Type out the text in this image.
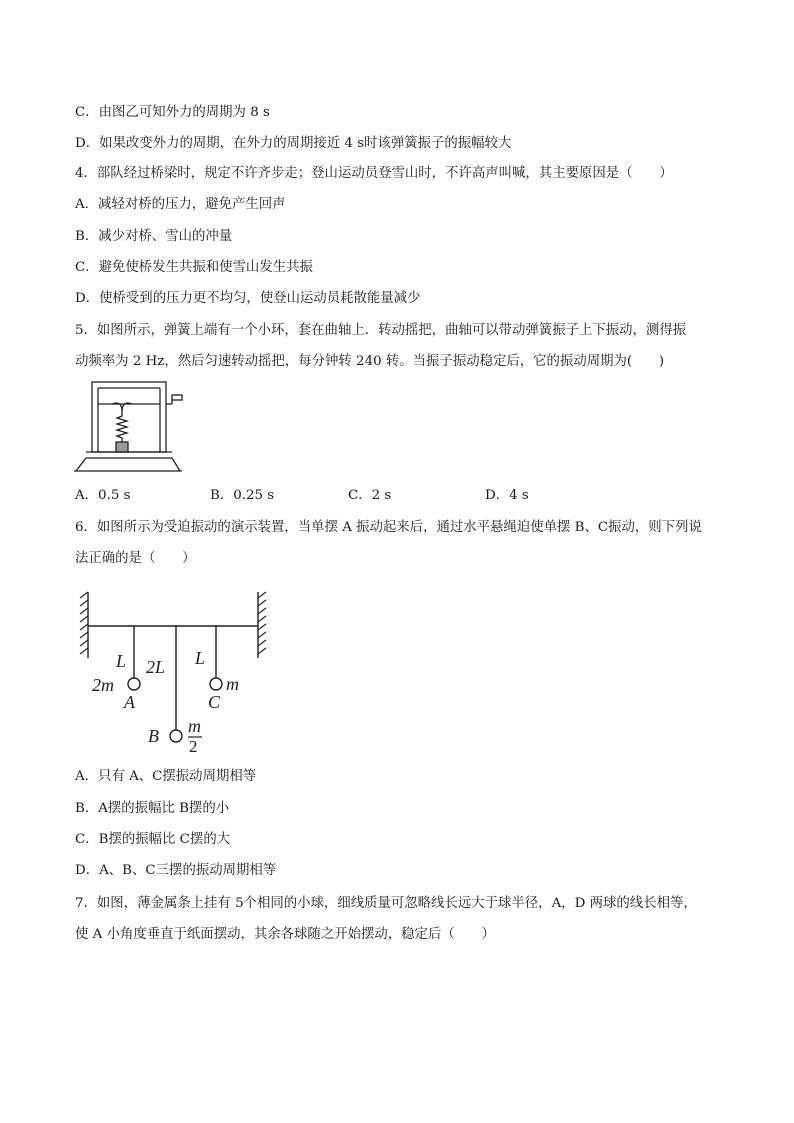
C．由图乙可知外力的周期为 8 s
D．如果改变外力的周期，在外力的周期接近 4 s时该弹簧振子的振幅较大
4．部队经过桥梁时，规定不许齐步走；登山运动员登雪山时，不许高声叫喊，其主要原因是（　　）
A．减轻对桥的压力，避免产生回声
B．减少对桥、雪山的冲量
C．避免使桥发生共振和使雪山发生共振
D．使桥受到的压力更不均匀，使登山运动员耗散能量减少
5．如图所示，弹簧上端有一个小环，套在曲轴上．转动摇把，曲轴可以带动弹簧振子上下振动，测得振
动频率为 2 Hz，然后匀速转动摇把，每分钟转 240 转。当振子振动稳定后，它的振动周期为(　　)
A．0.5 s	B．0.25 s	C．2 s	D．4 s
6．如图所示为受迫振动的演示装置，当单摆 A 振动起来后，通过水平悬绳迫使单摆 B、C振动，则下列说
法正确的是（　　）
L 2L L
2m
A
m
C
B m
2
A．只有 A、C摆振动周期相等
B．A摆的振幅比 B摆的小
C．B摆的振幅比 C摆的大
D．A、B、C三摆的振动周期相等
7．如图，薄金属条上挂有 5个相同的小球，细线质量可忽略线长远大于球半径，A，D 两球的线长相等，
使 A 小角度垂直于纸面摆动，其余各球随之开始摆动，稳定后（　　）
